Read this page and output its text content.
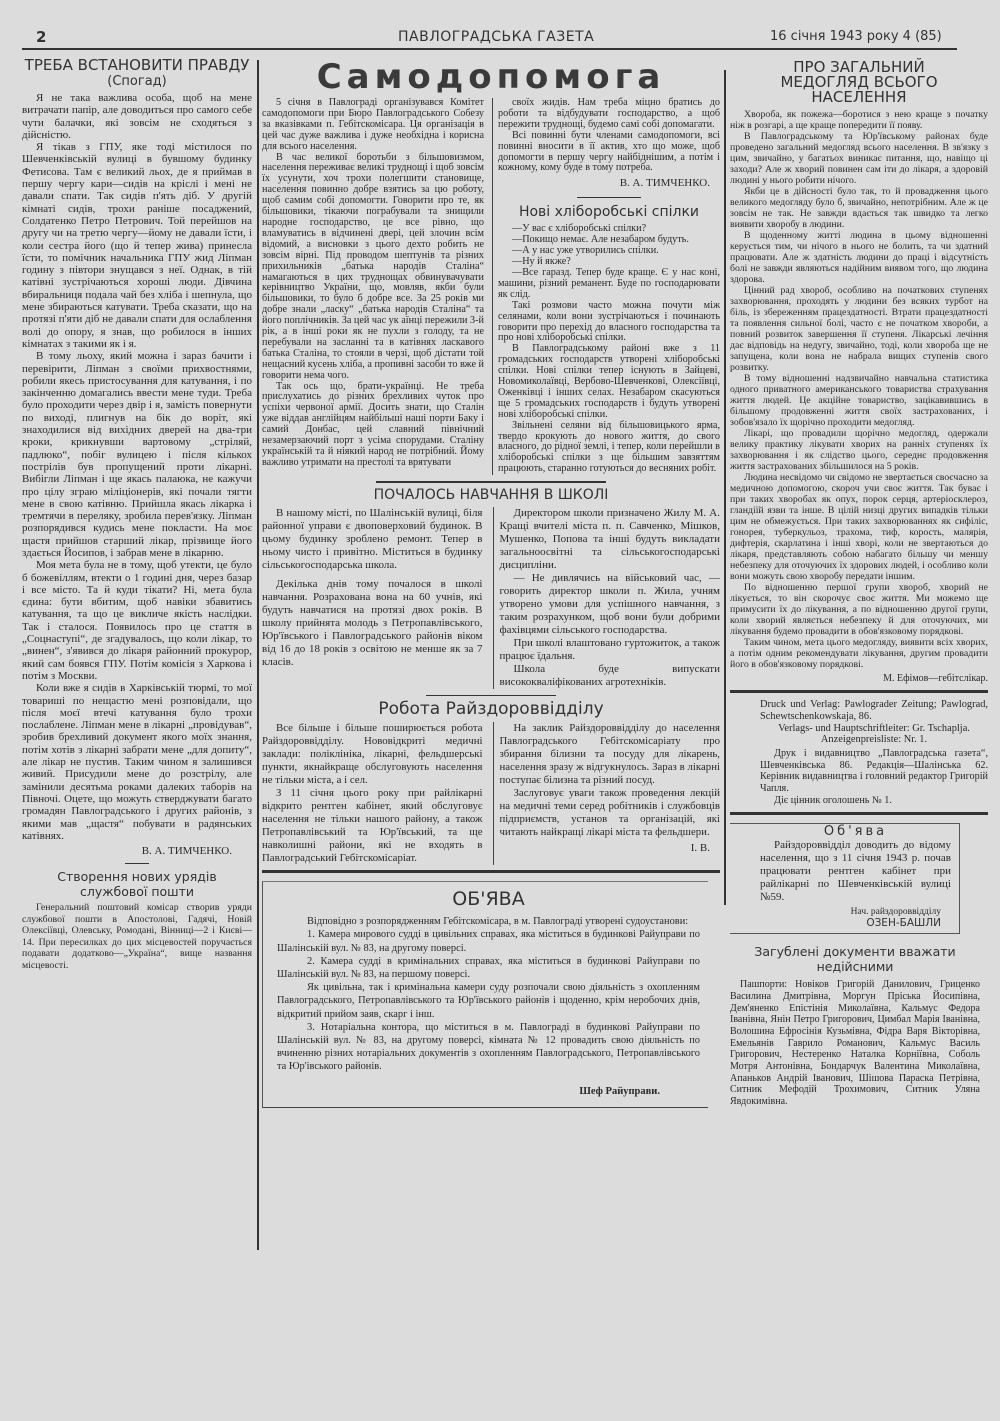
2	ПАВЛОГРАДСЬКА ГАЗЕТА	16 січня 1943 року 4 (85)
ТРЕБА ВСТАНОВИТИ ПРАВДУ
(Спогад)

Я не така важлива особа, щоб на мене витрачати папір, але доводиться про самого себе чути балачки, які зовсім не сходяться з дійсністю.

Я тікав з ГПУ, яке тоді містилося по Шевченківській вулиці в бувшому будинку Фетисова. Там є великий льох, де я приймав в першу чергу кари—сидів на кріслі і мені не давали спати. Так сидів п'ять діб. У другій кімнаті сидів, трохи раніше посаджений, Солдатенко Петро Петрович. Той перейшов на другу чи на третю чергу—йому не давали їсти, і коли сестра його (що й тепер жива) принесла їсти, то помічник начальника ГПУ жид Ліпман годину з півтори знущався з неї. Однак, в тій катівні зустрічаються хороші люди. Дівчина вбиральниця подала чай без хліба і шепнула, що мене збираються катувати. Треба сказати, що на протязі п'яти діб не давали спати для ослаблення волі до опору, я знав, що робилося в інших кімнатах з такими як і я.

В тому льоху, який можна і зараз бачити і перевірити, Ліпман з своїми прихвостнями, робили якесь пристосування для катування, і по закінченню домагались ввести мене туди. Треба було проходити через двір і я, замість повернути по виході, плигнув на бік до воріт, які знаходилися від вихідних дверей на два-три кроки, крикнувши вартовому „стріляй, падлюко“, побіг вулицею і після кількох пострілів був пропущений проти лікарні. Вибігли Ліпман і ще якась палаюка, не кажучи про цілу зграю міліціонерів, які почали тягти мене в свою катівню. Прийшла якась лікарка і тремтячи в переляку, зробила перев'язку. Ліпман розпорядився кудись мене покласти. На моє щастя прийшов старший лікар, прізвище його здається Йосипов, і забрав мене в лікарню.

Моя мета була не в тому, щоб утекти, це було б божевіллям, втекти о 1 годині дня, через базар і все місто. Та й куди тікати? Ні, мета була єдина: бути вбитим, щоб навіки збавитись катування, та що це викличе якість наслідки. Так і сталося. Появилось про це стаття в „Соцнаступі“, де згадувалось, що коли лікар, то „винен“, з'явився до лікаря районний прокурор, який сам боявся ГПУ. Потім комісія з Харкова і потім з Москви.

Коли вже я сидів в Харківській тюрмі, то мої товариші по нещастю мені розповідали, що після моєї втечі катування було трохи послаблене. Ліпман мене в лікарні „провідував“, зробив брехливий документ якого моїх знання, потім хотів з лікарні забрати мене „для допиту“, але лікар не пустив. Таким чином я залишився живий. Присудили мене до розстрілу, але замінили десятьма роками далеких таборів на Півночі. Оцете, що можуть стверджувати багато громадян Павлоградського і других районів, з якими мав „щастя“ побувати в радянських катівнях.

В. А. ТИМЧЕНКО.
Створення нових урядів службової пошти

Генеральний поштовий комісар створив уряди службової пошти в Апостолові, Гадячі, Новій Олексіївці, Олевську, Ромодані, Вінниці—2 і Києві—14. При пересилках до цих місцевостей поручається подавати додатково—„Україна“, вище названня місцевості.

Самодопомога

5 січня в Павлограді організувався Комітет самодопомоги при Бюро Павлоградського Собезу за вказівками п. Гебітскомісара. Ця організація в цей час дуже важлива і дуже необхідна і корисна для всього населення.

В час великої боротьби з більшовизмом, населення переживає великі труднощі і щоб зовсім їх усунути, хоч трохи полегшити становище, населення повинно добре взятись за цю роботу, щоб самим собі допомогти. Говорити про те, як більшовики, тікаючи пограбували та знищили народне господарство, це все рівно, що вламуватись в відчинені двері, цей злочин всім відомий, а висновки з цього дехто робить не зовсім вірні. Під проводом шептунів та різних прихильників „батька народів Сталіна“ намагаються в цих труднощах обвинувачувати керівництво України, що, мовляв, якби були більшовики, то було б добре все. За 25 років ми добре знали „ласку“ „батька народів Сталіна“ та його поплічників. За цей час ук аїнці пережили 3-й рік, а в інші роки як не пухли з голоду, та не перебували на засланні та в катівнях ласкавого батька Сталіна, то стояли в черзі, щоб дістати той нещасний кусень хліба, а пропивні засоби то вже й говорити нема чого.

Так ось що, брати-українці. Не треба прислухатись до різних брехливих чуток про успіхи червоної армії. Досить знати, що Сталін уже віддав англійцям найбільші наші порти Баку і самий Донбас, цей славний північний незамерзаючий порт з усіма спорудами. Сталіну українській та й ніякий народ не потрібний. Йому важливо утримати на престолі та врятувати

своїх жидів. Нам треба міцно братись до роботи та відбудувати господарство, а щоб пережити труднощі, будемо самі собі допомагати.

Всі повинні бути членами самодопомоги, всі повинні вносити в її актив, хто що може, щоб допомогти в першу чергу найбіднішим, а потім і кожному, кому буде в тому потреба.

В. А. ТИМЧЕНКО.
Нові хліборобські спілки

—У вас є хліборобські спілки?

—Покищо немає. Але незабаром будуть.

—А у нас уже утворились спілки.

—Ну й якже?

—Все гаразд. Тепер буде краще. Є у нас коні, машини, різний реманент. Буде по господарювати як слід.

Такі розмови часто можна почути між селянами, коли вони зустрічаються і починають говорити про перехід до власного господарства та про нові хліборобські спілки.

В Павлоградському районі вже з 11 громадських господарств утворені хліборобські спілки. Нові спілки тепер існують в Зайцеві, Новомиколаївці, Вербово-Шевченкові, Олексіївці, Оженківці і інших селах. Незабаром скасуються ще 5 громадських господарств і будуть утворені нові хліборобські спілки.

Звільнені селяни від більшовицького ярма, твердо крокують до нового життя, до свого власного, до рідної землі, і тепер, коли перейшли в хліборобські спілки з ще більшим завзяттям працюють, старанно готуються до весняних робіт.

ПОЧАЛОСЬ НАВЧАННЯ В ШКОЛІ

В нашому місті, по Шалінській вулиці, біля районної управи є двоповерховий будинок. В цьому будинку зроблено ремонт. Тепер в ньому чисто і привітно. Міститься в будинку сільськогосподарська школа.

Декілька днів тому почалося в школі навчання. Розрахована вона на 60 учнів, які будуть навчатися на протязі двох років. В школу прийнята молодь з Петропавлівського, Юр'ївського і Павлоградського районів віком від 16 до 18 років з освітою не менше як за 7 класів.

Директором школи призначено Жилу М. А. Кращі вчителі міста п. п. Савченко, Мішков, Мушенко, Попова та інші будуть викладати загальноосвітні та сільськогосподарські дисципліни.

— Не дивлячись на військовий час, — говорить директор школи п. Жила, учням утворено умови для успішного навчання, з таким розрахунком, щоб вони були добрими фахівцями сільського господарства.

При школі влаштовано гуртожиток, а також працює їдальня.

Школа буде випускати висококваліфікованих агротехніків.

Робота Райздороввідділу

Все більше і більше поширюється робота Райздороввідділу. Нововідкриті медичні заклади: поліклініка, лікарні, фельдшерські пункти, якнайкраще обслуговують населення не тільки міста, а і сел.

З 11 січня цього року при райлікарні відкрито рентген кабінет, який обслуговує населення не тільки нашого району, а також Петропавлівський та Юр'ївський, та ще навколишні райони, які не входять в Павлоградський Гебітскомісаріат.

На заклик Райздороввідділу до населення Павлоградського Гебітскомісаріату про збирання білизни та посуду для лікарень, населення зразу ж відгукнулось. Зараз в лікарні поступає білизна та різний посуд.

Заслуговує уваги також проведення лекцій на медичні теми серед робітників і службовців підприємств, установ та організацій, які читають найкращі лікарі міста та фельдшери.

І. В.
ОБ'ЯВА

Відповідно з розпорядженням Гебітскомісара, в м. Павлограді утворені судоустанови:

1. Камера мирового судді в цивільних справах, яка міститься в будинкові Райуправи по Шалінській вул. № 83, на другому поверсі.

2. Камера судді в кримінальних справах, яка міститься в будинкові Райуправи по Шалінській вул. № 83, на першому поверсі.

Як цивільна, так і кримінальна камери суду розпочали свою діяльність з охопленням Павлоградського, Петропавлівського та Юр'ївського районів і щоденно, крім неробочих днів, відкритий прийом заяв, скарг і інш.

3. Нотаріальна контора, що міститься в м. Павлограді в будинкові Райуправи по Шалінській вул. № 83, на другому поверсі, кімната № 12 провадить свою діяльність по вчиненню різних нотаріальних документів з охопленням Павлоградського, Петропавлівського та Юр'івського районів.

Шеф Райуправи.
ПРО ЗАГАЛЬНИЙ МЕДОГЛЯД ВСЬОГО НАСЕЛЕННЯ

Хвороба, як пожежа—боротися з нею краще з початку ніж в розгарі, а ще краще попередити її появу.

В Павлоградському та Юр'ївському районах буде проведено загальний медогляд всього населення. В зв'язку з цим, звичайно, у багатьох виникає питання, що, навіщо ці заходи? Але ж хворий повинен сам іти до лікаря, а здоровій людині у нього робити нічого.

Якби це в дійсності було так, то й провадження цього великого медогляду було б, звичайно, непотрібним. Але ж це зовсім не так. Не завжди вдається так швидко та легко виявити хворобу в людини.

В щоденному житті людина в цьому відношенні керується тим, чи нічого в нього не болить, та чи здатний працювати. Але ж здатність людини до праці і відсутність болі не завжди являються надійним виявом того, що людина здорова.

Цінний рад хвороб, особливо на початкових ступенях захворювання, проходять у людини без всяких турбот на біль, із збереженням працездатності. Втрати працездатності та появлення сильної болі, часто є не початком хвороби, а повний розвиток завершення її ступеня. Лікарські лечіння дає відповідь на недугу, звичайно, тоді, коли хвороба ще не запущена, коли вона не набрала вищих ступенів свого розвитку.

В тому відношенні надзвичайно навчальна статистика одного приватного американського товариства страхування життя людей. Це акційне товариство, зацікавившись в більшому продовженні життя своїх застрахованих, і зобов'язало їх щорічно проходити медогляд.

Лікарі, що провадили щорічно медогляд, одержали велику практику лікувати хворих на ранніх ступенях їх захворювання і як слідство цього, середнє продовження життя застрахованих збільшилося на 5 років.

Людина несвідомо чи свідомо не звертається своєчасно за медичною допомогою, скороч учи своє життя. Так буває і при таких хворобах як опух, порок серця, артеріосклероз, гландіїй язви та інше. В цілій низці других випадків тільки цим не обмежується. При таких захворюваннях як сифіліс, гонорея, туберкульоз, трахома, тиф, корость, малярія, дифтерія, скарлатина і інші хворі, коли не звертаються до лікаря, представляють собою набагато більшу чи меншу небезпеку для оточуючих їх здорових людей, і особливо коли вони можуть свою хворобу передати іншим.

По відношенню першої групи хвороб, хворий не лікується, то він скорочує своє життя. Ми можемо ще примусити їх до лікування, а по відношенню другої групи, коли хворий являється небезпеку й для оточуючих, ми лікування будемо провадити в обов'язковому порядкові.

Таким чином, мета цього медогляду, виявити всіх хворих, а потім одним рекомендувати лікування, другим провадити його в обов'язковому порядкові.

М. Ефімов—гебітслікар.
Druck und Verlag: Pawlograder Zeitung; Pawlograd, Schewtschenkowskaja, 86.
Verlags- und Hauptschriftleiter: Gr. Tschaplja.
Anzeigenpreisliste: Nr. 1.

Друк і видавництво „Павлоградська газета“, Шевченківська 86. Редакція—Шалінська 62. Керівник видавництва і головний редактор Григорій Чапля.

Діє цінник оголошень № 1.

Об'ява
Райздороввідділ доводить до відому населення, що з 11 січня 1943 р. почав працювати рентген кабінет при райлікарні по Шевченківській вулиці №59.
Нач. райздороввідділу
ОЗЕН-БАШЛИ
Загублені документи вважати недійсними
Пашпорти: Новіков Григорій Данилович, Гриценко Василина Дмитрівна, Моргун Пріська Йосипівна, Дем'яненко Епістінія Миколаївна, Кальмус Федора Іванівна, Янін Петро Григорович, Цимбал Марія Іванівна, Волошина Ефросінія Кузьмівна, Фідра Варя Вікторівна, Емельянів Гаврило Романович, Кальмус Василь Григорович, Нестеренко Наталка Корніївна, Соболь Мотря Антонівна, Бондарчук Валентина Миколаївна, Апаньков Андрій Іванович, Шішова Параска Петрівна, Ситник Мефодій Трохимович, Ситник Уляна Явдокимівна.
